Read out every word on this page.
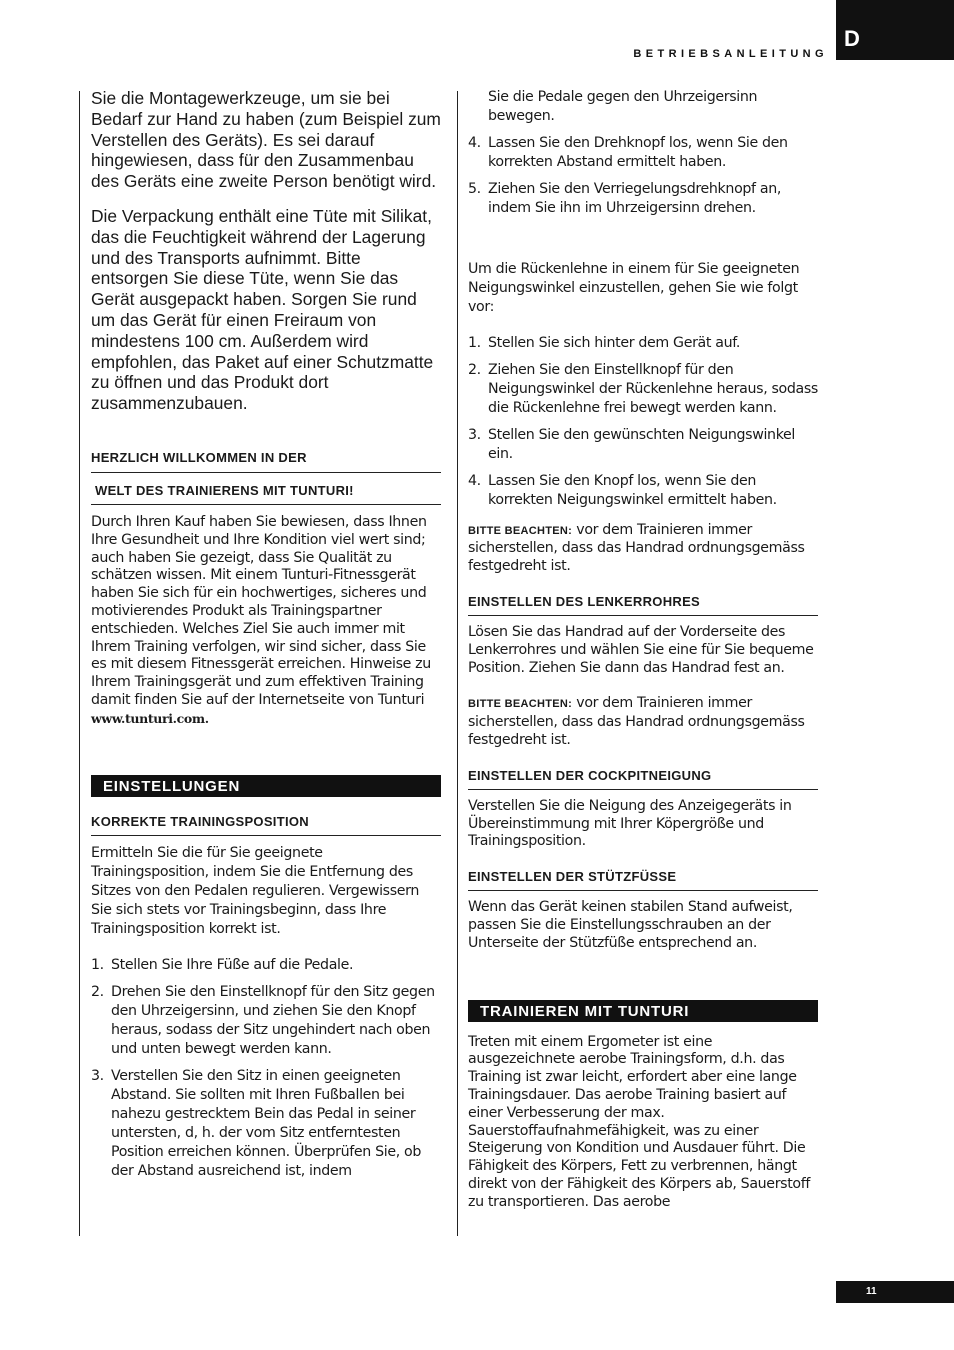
D
BETRIEBSANLEITUNG

Sie die Montagewerkzeuge, um sie bei Bedarf zur Hand zu haben (zum Beispiel zum Verstellen des Geräts). Es sei darauf hingewiesen, dass für den Zusammenbau des Geräts eine zweite Person benötigt wird.

Die Verpackung enthält eine Tüte mit Silikat, das die Feuchtigkeit während der Lagerung und des Transports aufnimmt. Bitte entsorgen Sie diese Tüte, wenn Sie das Gerät ausgepackt haben. Sorgen Sie rund um das Gerät für einen Freiraum von mindestens 100 cm. Außerdem wird empfohlen, das Paket auf einer Schutzmatte zu öffnen und das Produkt dort zusammenzubauen.

HERZLICH WILLKOMMEN IN DER
WELT DES TRAINIERENS MIT TUNTURI!

Durch Ihren Kauf haben Sie bewiesen, dass Ihnen Ihre Gesundheit und Ihre Kondition viel wert sind; auch haben Sie gezeigt, dass Sie Qualität zu schätzen wissen. Mit einem Tunturi-Fitnessgerät haben Sie sich für ein hochwertiges, sicheres und motivierendes Produkt als Trainingspartner entschieden. Welches Ziel Sie auch immer mit Ihrem Training verfolgen, wir sind sicher, dass Sie es mit diesem Fitnessgerät erreichen. Hinweise zu Ihrem Trainingsgerät und zum effektiven Training damit finden Sie auf der Internetseite von Tunturi www.tunturi.com.

EINSTELLUNGEN
KORREKTE TRAININGSPOSITION

Ermitteln Sie die für Sie geeignete Trainingsposition, indem Sie die Entfernung des Sitzes von den Pedalen regulieren. Vergewissern Sie sich stets vor Trainingsbeginn, dass Ihre Trainingsposition korrekt ist.

1. Stellen Sie Ihre Füße auf die Pedale.
2. Drehen Sie den Einstellknopf für den Sitz gegen den Uhrzeigersinn, und ziehen Sie den Knopf heraus, sodass der Sitz ungehindert nach oben und unten bewegt werden kann.
3. Verstellen Sie den Sitz in einen geeigneten Abstand. Sie sollten mit Ihren Fußballen bei nahezu gestrecktem Bein das Pedal in seiner untersten, d, h. der vom Sitz entferntesten Position erreichen können. Überprüfen Sie, ob der Abstand ausreichend ist, indem

Sie die Pedale gegen den Uhrzeigersinn bewegen.

4. Lassen Sie den Drehknopf los, wenn Sie den korrekten Abstand ermittelt haben.
5. Ziehen Sie den Verriegelungsdrehknopf an, indem Sie ihn im Uhrzeigersinn drehen.

Um die Rückenlehne in einem für Sie geeigneten Neigungswinkel einzustellen, gehen Sie wie folgt vor:

1. Stellen Sie sich hinter dem Gerät auf.
2. Ziehen Sie den Einstellknopf für den Neigungswinkel der Rückenlehne heraus, sodass die Rückenlehne frei bewegt werden kann.
3. Stellen Sie den gewünschten Neigungswinkel ein.
4. Lassen Sie den Knopf los, wenn Sie den korrekten Neigungswinkel ermittelt haben.

BITTE BEACHTEN: vor dem Trainieren immer sicherstellen, dass das Handrad ordnungsgemäss festgedreht ist.

EINSTELLEN DES LENKERROHRES

Lösen Sie das Handrad auf der Vorderseite des Lenkerrohres und wählen Sie eine für Sie bequeme Position. Ziehen Sie dann das Handrad fest an.

BITTE BEACHTEN: vor dem Trainieren immer sicherstellen, dass das Handrad ordnungsgemäss festgedreht ist.

EINSTELLEN DER COCKPITNEIGUNG

Verstellen Sie die Neigung des Anzeigegeräts in Übereinstimmung mit Ihrer Köpergröße und Trainingsposition.

EINSTELLEN DER STÜTZFÜSSE

Wenn das Gerät keinen stabilen Stand aufweist, passen Sie die Einstellungsschrauben an der Unterseite der Stützfüße entsprechend an.

TRAINIEREN MIT TUNTURI

Treten mit einem Ergometer ist eine ausgezeichnete aerobe Trainingsform, d.h. das Training ist zwar leicht, erfordert aber eine lange Trainingsdauer. Das aerobe Training basiert auf einer Verbesserung der max. Sauerstoffaufnahmefähigkeit, was zu einer Steigerung von Kondition und Ausdauer führt. Die Fähigkeit des Körpers, Fett zu verbrennen, hängt direkt von der Fähigkeit des Körpers ab, Sauerstoff zu transportieren. Das aerobe

11
